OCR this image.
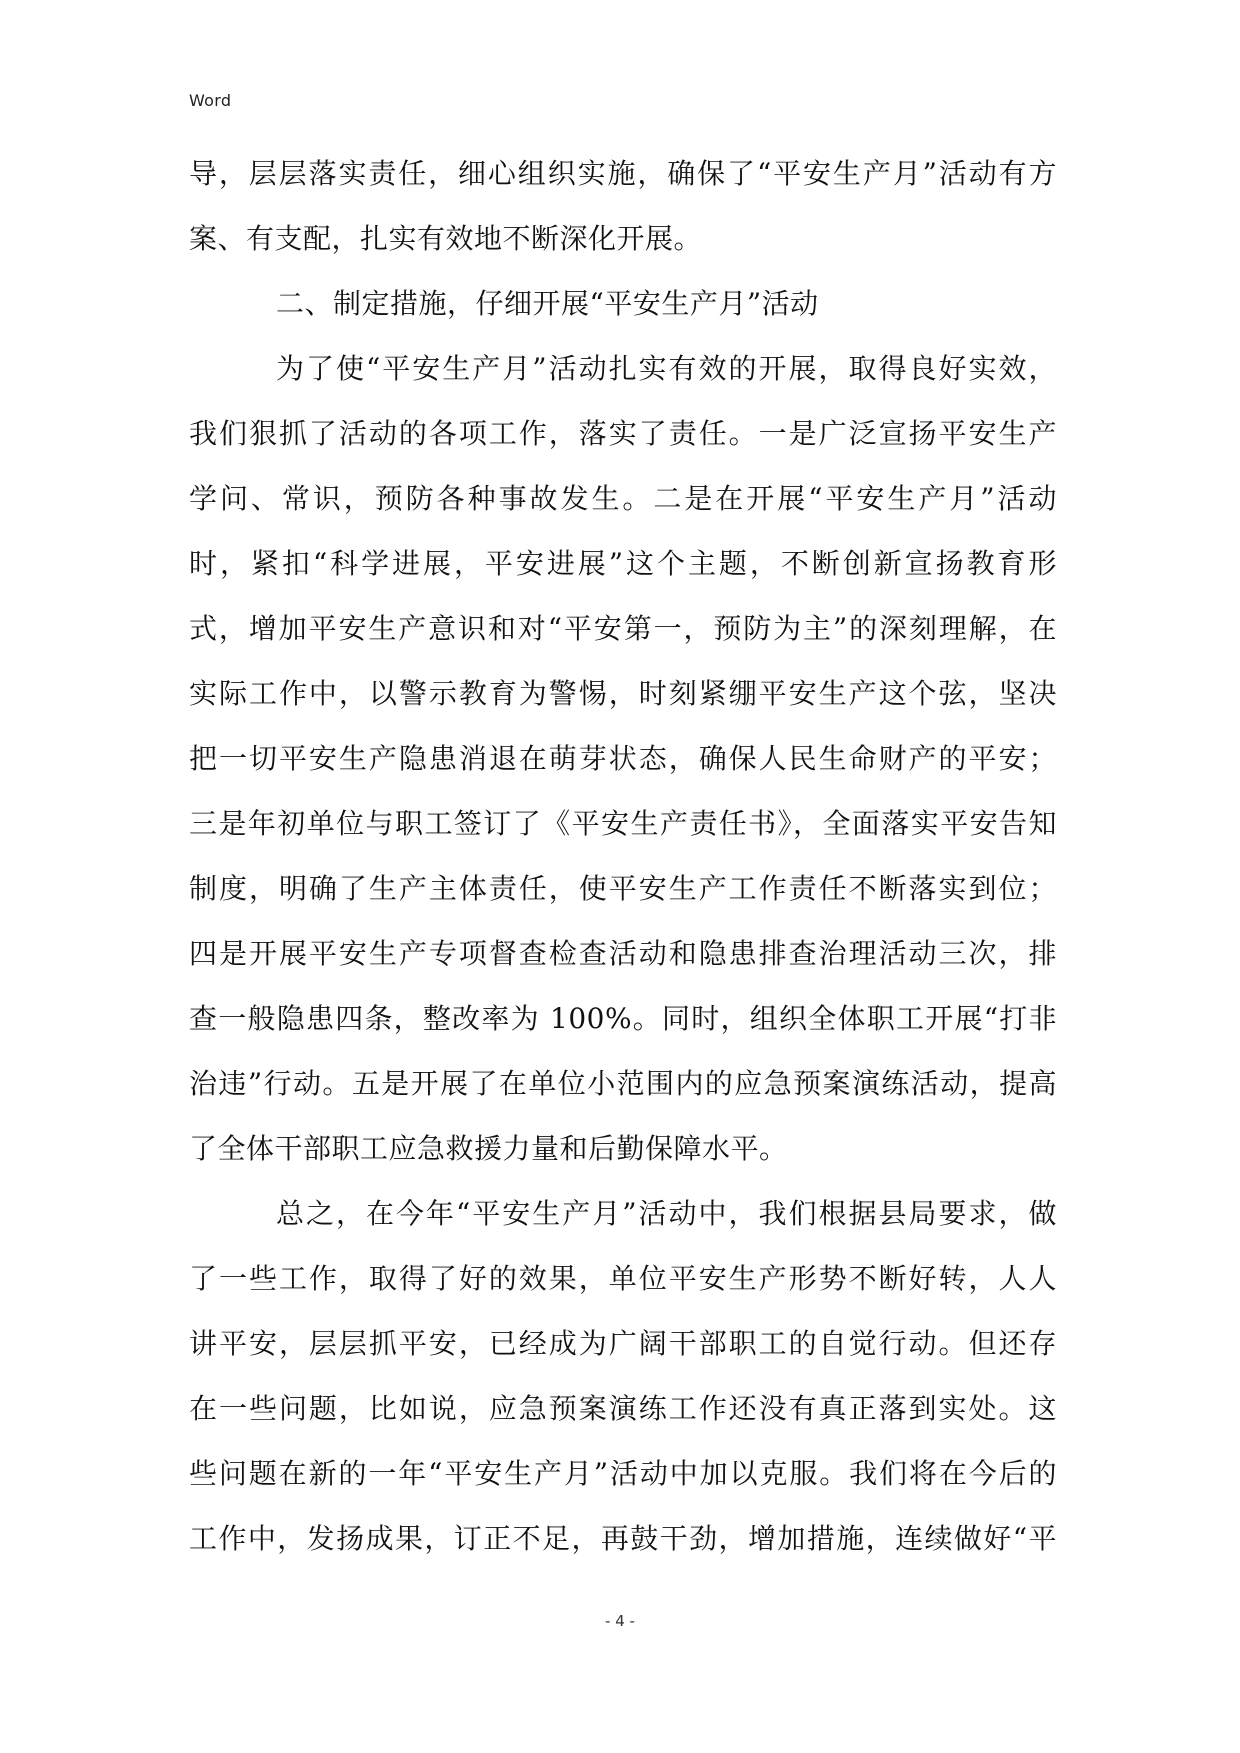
Word
导，层层落实责任，细心组织实施，确保了“平安生产月”活动有方
案、有支配，扎实有效地不断深化开展。
二、制定措施，仔细开展“平安生产月”活动
为了使“平安生产月”活动扎实有效的开展，取得良好实效，
我们狠抓了活动的各项工作，落实了责任。一是广泛宣扬平安生产
学问、常识，预防各种事故发生。二是在开展“平安生产月”活动
时，紧扣“科学进展，平安进展”这个主题，不断创新宣扬教育形
式，增加平安生产意识和对“平安第一，预防为主”的深刻理解，在
实际工作中，以警示教育为警惕，时刻紧绷平安生产这个弦，坚决
把一切平安生产隐患消退在萌芽状态，确保人民生命财产的平安；
三是年初单位与职工签订了《平安生产责任书》，全面落实平安告知
制度，明确了生产主体责任，使平安生产工作责任不断落实到位；
四是开展平安生产专项督查检查活动和隐患排查治理活动三次，排
查一般隐患四条，整改率为 100%。同时，组织全体职工开展“打非
治违”行动。五是开展了在单位小范围内的应急预案演练活动，提高
了全体干部职工应急救援力量和后勤保障水平。
总之，在今年“平安生产月”活动中，我们根据县局要求，做
了一些工作，取得了好的效果，单位平安生产形势不断好转，人人
讲平安，层层抓平安，已经成为广阔干部职工的自觉行动。但还存
在一些问题，比如说，应急预案演练工作还没有真正落到实处。这
些问题在新的一年“平安生产月”活动中加以克服。我们将在今后的
工作中，发扬成果，订正不足，再鼓干劲，增加措施，连续做好“平
- 4 -
